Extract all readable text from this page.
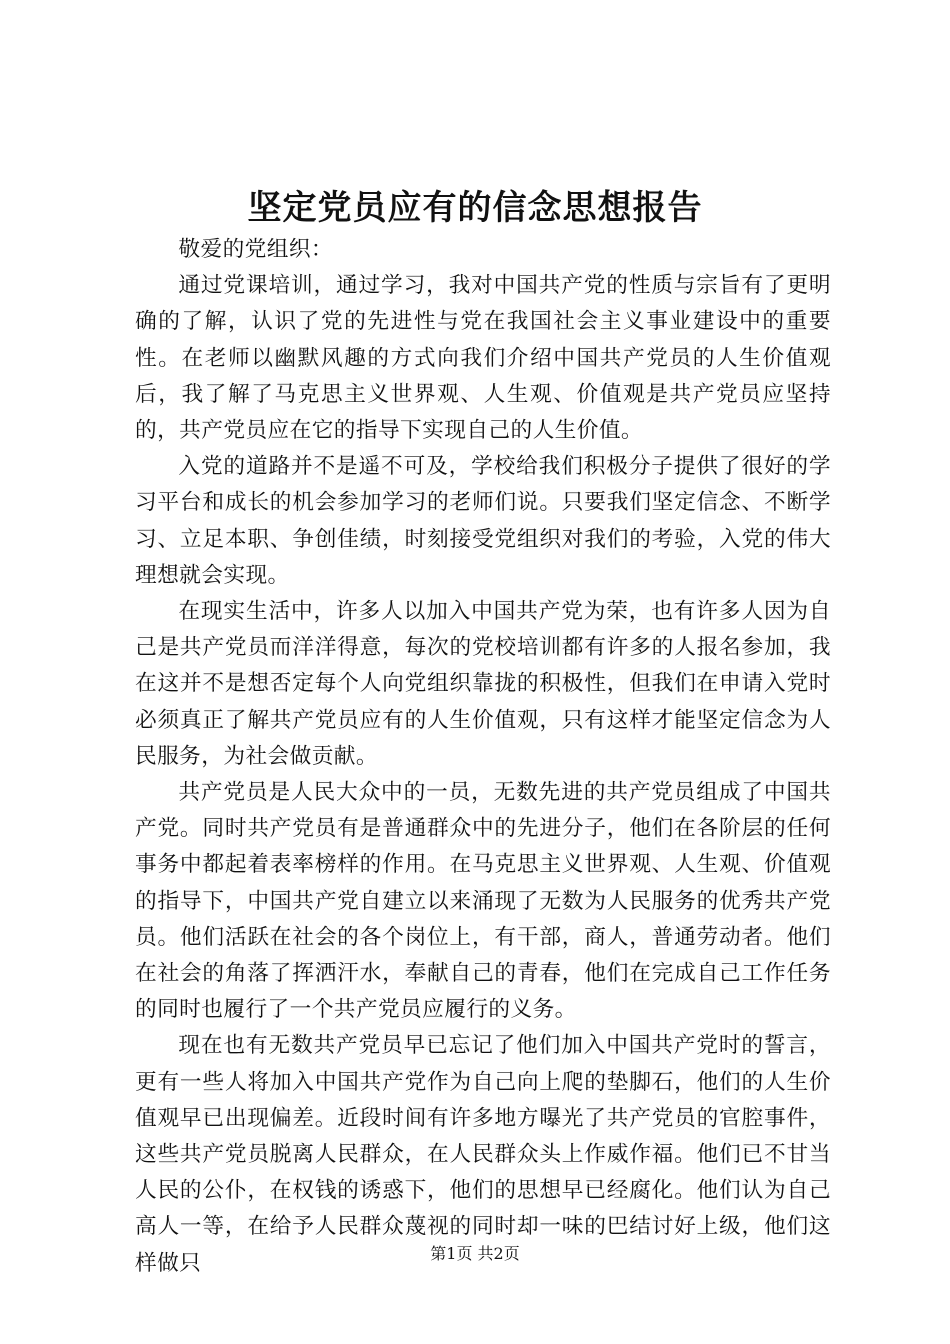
坚定党员应有的信念思想报告

敬爱的党组织：

通过党课培训，通过学习，我对中国共产党的性质与宗旨有了更明确的了解，认识了党的先进性与党在我国社会主义事业建设中的重要性。在老师以幽默风趣的方式向我们介绍中国共产党员的人生价值观后，我了解了马克思主义世界观、人生观、价值观是共产党员应坚持的，共产党员应在它的指导下实现自己的人生价值。

入党的道路并不是遥不可及，学校给我们积极分子提供了很好的学习平台和成长的机会参加学习的老师们说。只要我们坚定信念、不断学习、立足本职、争创佳绩，时刻接受党组织对我们的考验，入党的伟大理想就会实现。

在现实生活中，许多人以加入中国共产党为荣，也有许多人因为自己是共产党员而洋洋得意，每次的党校培训都有许多的人报名参加，我在这并不是想否定每个人向党组织靠拢的积极性，但我们在申请入党时必须真正了解共产党员应有的人生价值观，只有这样才能坚定信念为人民服务，为社会做贡献。

共产党员是人民大众中的一员，无数先进的共产党员组成了中国共产党。同时共产党员有是普通群众中的先进分子，他们在各阶层的任何事务中都起着表率榜样的作用。在马克思主义世界观、人生观、价值观的指导下，中国共产党自建立以来涌现了无数为人民服务的优秀共产党员。他们活跃在社会的各个岗位上，有干部，商人，普通劳动者。他们在社会的角落了挥洒汗水，奉献自己的青春，他们在完成自己工作任务的同时也履行了一个共产党员应履行的义务。

现在也有无数共产党员早已忘记了他们加入中国共产党时的誓言，更有一些人将加入中国共产党作为自己向上爬的垫脚石，他们的人生价值观早已出现偏差。近段时间有许多地方曝光了共产党员的官腔事件，这些共产党员脱离人民群众，在人民群众头上作威作福。他们已不甘当人民的公仆，在权钱的诱惑下，他们的思想早已经腐化。他们认为自己高人一等，在给予人民群众蔑视的同时却一味的巴结讨好上级，他们这样做只	第1页 共2页
